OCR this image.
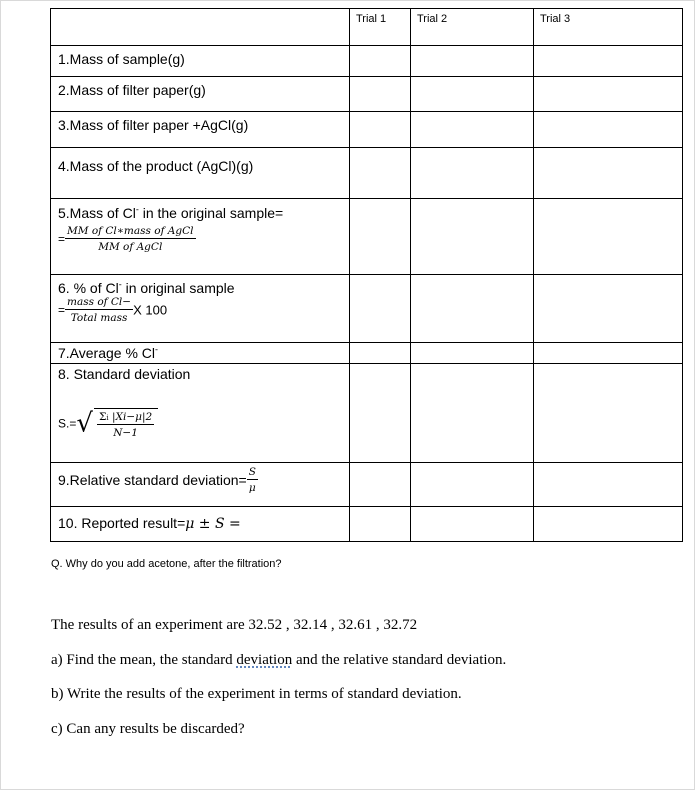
	Trial 1	Trial 2	Trial 3
1.Mass of sample(g)			
2.Mass of filter paper(g)			
3.Mass of filter paper +AgCl(g)			
4.Mass of the product (AgCl)(g)			

5.Mass of Cl- in the original sample=
= $\frac{\text{MM of Cl∗mass of AgCl}}{\text{MM of AgCl}}$

6. % of Cl- in original sample
= $\frac{\text{mass of Cl−}}{\text{Total mass}}$ X 100			

7.Average % Cl-			

8. Standard deviation
$S.=√ \frac{\Sigma i |Xi-\mu|2}{N-1}$

9.Relative standard deviation= $\frac{S}{\mu}$

10. Reported result=μ ± S =			
Q. Why do you add acetone, after the filtration?
The results of an experiment are 32.52 , 32.14 , 32.61 , 32.72
a) Find the mean, the standard deviation and the relative standard deviation.
b) Write the results of the experiment in terms of standard deviation.
c) Can any results be discarded?
